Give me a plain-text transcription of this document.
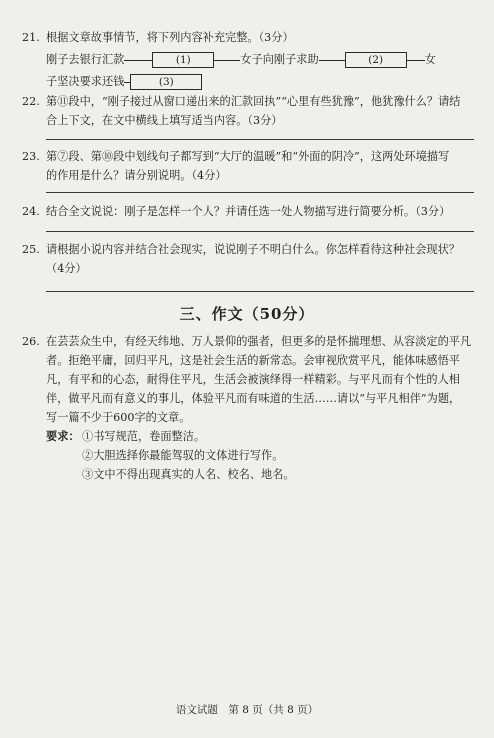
21. 根据文章故事情节，将下列内容补充完整。（3分）
刚子去银行汇款	(1)	女子向刚子求助	(2)	女
子坚决要求还钱	(3)
22. 第⑪段中，“刚子接过从窗口递出来的汇款回执”“心里有些犹豫”，他犹豫什么？请结
合上下文，在文中横线上填写适当内容。（3分）
23. 第⑦段、第⑩段中划线句子都写到“大厅的温暖”和“外面的阴冷”，这两处环境描写
的作用是什么？请分别说明。（4分）
24. 结合全文说说：刚子是怎样一个人？并请任选一处人物描写进行简要分析。（3分）
25. 请根据小说内容并结合社会现实，说说刚子不明白什么。你怎样看待这种社会现状？
（4分）
三、作文（50分）
26. 在芸芸众生中，有经天纬地、万人景仰的强者，但更多的是怀揣理想、从容淡定的平凡
者。拒绝平庸，回归平凡，这是社会生活的新常态。会审视欣赏平凡，能体味感悟平
凡，有平和的心态，耐得住平凡，生活会被演绎得一样精彩。与平凡而有个性的人相
伴，做平凡而有意义的事儿，体验平凡而有味道的生活……请以“与平凡相伴”为题，
写一篇不少于600字的文章。
要求： ①书写规范，卷面整洁。
②大胆选择你最能驾驭的文体进行写作。
③文中不得出现真实的人名、校名、地名。
语文试题　第 8 页（共 8 页）
